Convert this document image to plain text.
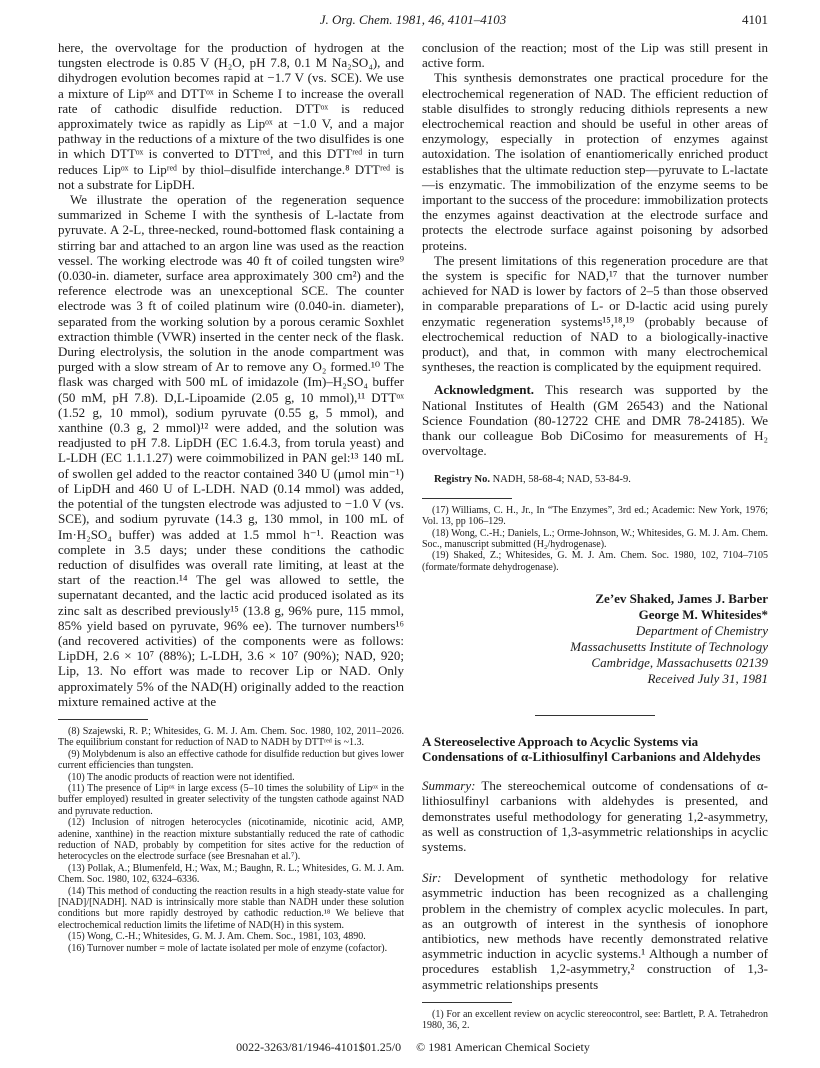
J. Org. Chem. 1981, 46, 4101–4103	4101

here, the overvoltage for the production of hydrogen at the tungsten electrode is 0.85 V (H₂O, pH 7.8, 0.1 M Na₂SO₄), and dihydrogen evolution becomes rapid at −1.7 V (vs. SCE). We use a mixture of Lipᵒˣ and DTTᵒˣ in Scheme I to increase the overall rate of cathodic disulfide reduction. DTTᵒˣ is reduced approximately twice as rapidly as Lipᵒˣ at −1.0 V, and a major pathway in the reductions of a mixture of the two disulfides is one in which DTTᵒˣ is converted to DTTʳᵉᵈ, and this DTTʳᵉᵈ in turn reduces Lipᵒˣ to Lipʳᵉᵈ by thiol–disulfide interchange.⁸ DTTʳᵉᵈ is not a substrate for LipDH.

We illustrate the operation of the regeneration sequence summarized in Scheme I with the synthesis of L-lactate from pyruvate. A 2-L, three-necked, round-bottomed flask containing a stirring bar and attached to an argon line was used as the reaction vessel. The working electrode was 40 ft of coiled tungsten wire⁹ (0.030-in. diameter, surface area approximately 300 cm²) and the reference electrode was an unexceptional SCE. The counter electrode was 3 ft of coiled platinum wire (0.040-in. diameter), separated from the working solution by a porous ceramic Soxhlet extraction thimble (VWR) inserted in the center neck of the flask. During electrolysis, the solution in the anode compartment was purged with a slow stream of Ar to remove any O₂ formed.¹⁰ The flask was charged with 500 mL of imidazole (Im)–H₂SO₄ buffer (50 mM, pH 7.8). D,L-Lipoamide (2.05 g, 10 mmol),¹¹ DTTᵒˣ (1.52 g, 10 mmol), sodium pyruvate (0.55 g, 5 mmol), and xanthine (0.3 g, 2 mmol)¹² were added, and the solution was readjusted to pH 7.8. LipDH (EC 1.6.4.3, from torula yeast) and L-LDH (EC 1.1.1.27) were coimmobilized in PAN gel:¹³ 140 mL of swollen gel added to the reactor contained 340 U (μmol min⁻¹) of LipDH and 460 U of L-LDH. NAD (0.14 mmol) was added, the potential of the tungsten electrode was adjusted to −1.0 V (vs. SCE), and sodium pyruvate (14.3 g, 130 mmol, in 100 mL of Im·H₂SO₄ buffer) was added at 1.5 mmol h⁻¹. Reaction was complete in 3.5 days; under these conditions the cathodic reduction of disulfides was overall rate limiting, at least at the start of the reaction.¹⁴ The gel was allowed to settle, the supernatant decanted, and the lactic acid produced isolated as its zinc salt as described previously¹⁵ (13.8 g, 96% pure, 115 mmol, 85% yield based on pyruvate, 96% ee). The turnover numbers¹⁶ (and recovered activities) of the components were as follows: LipDH, 2.6 × 10⁷ (88%); L-LDH, 3.6 × 10⁷ (90%); NAD, 920; Lip, 13. No effort was made to recover Lip or NAD. Only approximately 5% of the NAD(H) originally added to the reaction mixture remained active at the

(8) Szajewski, R. P.; Whitesides, G. M. J. Am. Chem. Soc. 1980, 102, 2011–2026. The equilibrium constant for reduction of NAD to NADH by DTTʳᵉᵈ is ~1.3.

(9) Molybdenum is also an effective cathode for disulfide reduction but gives lower current efficiencies than tungsten.

(10) The anodic products of reaction were not identified.

(11) The presence of Lipᵒˣ in large excess (5–10 times the solubility of Lipᵒˣ in the buffer employed) resulted in greater selectivity of the tungsten cathode against NAD and pyruvate reduction.

(12) Inclusion of nitrogen heterocycles (nicotinamide, nicotinic acid, AMP, adenine, xanthine) in the reaction mixture substantially reduced the rate of cathodic reduction of NAD, probably by competition for sites active for the reduction of heterocycles on the electrode surface (see Bresnahan et al.⁷).

(13) Pollak, A.; Blumenfeld, H.; Wax, M.; Baughn, R. L.; Whitesides, G. M. J. Am. Chem. Soc. 1980, 102, 6324–6336.

(14) This method of conducting the reaction results in a high steady-state value for [NAD]/[NADH]. NAD is intrinsically more stable than NADH under these solution conditions but more rapidly destroyed by cathodic reduction.¹⁸ We believe that electrochemical reduction limits the lifetime of NAD(H) in this system.

(15) Wong, C.-H.; Whitesides, G. M. J. Am. Chem. Soc., 1981, 103, 4890.

(16) Turnover number = mole of lactate isolated per mole of enzyme (cofactor).

conclusion of the reaction; most of the Lip was still present in active form.

This synthesis demonstrates one practical procedure for the electrochemical regeneration of NAD. The efficient reduction of stable disulfides to strongly reducing dithiols represents a new electrochemical reaction and should be useful in other areas of enzymology, especially in protection of enzymes against autoxidation. The isolation of enantiomerically enriched product establishes that the ultimate reduction step—pyruvate to L-lactate—is enzymatic. The immobilization of the enzyme seems to be important to the success of the procedure: immobilization protects the enzymes against deactivation at the electrode surface and protects the electrode surface against poisoning by adsorbed proteins.

The present limitations of this regeneration procedure are that the system is specific for NAD,¹⁷ that the turnover number achieved for NAD is lower by factors of 2–5 than those observed in comparable preparations of L- or D-lactic acid using purely enzymatic regeneration systems¹⁵,¹⁸,¹⁹ (probably because of electrochemical reduction of NAD to a biologically-inactive product), and that, in common with many electrochemical syntheses, the reaction is complicated by the equipment required.

Acknowledgment. This research was supported by the National Institutes of Health (GM 26543) and the National Science Foundation (80-12722 CHE and DMR 78-24185). We thank our colleague Bob DiCosimo for measurements of H₂ overvoltage.

Registry No. NADH, 58-68-4; NAD, 53-84-9.

(17) Williams, C. H., Jr., In “The Enzymes”, 3rd ed.; Academic: New York, 1976; Vol. 13, pp 106–129.

(18) Wong, C.-H.; Daniels, L.; Orme-Johnson, W.; Whitesides, G. M. J. Am. Chem. Soc., manuscript submitted (H₂/hydrogenase).

(19) Shaked, Z.; Whitesides, G. M. J. Am. Chem. Soc. 1980, 102, 7104–7105 (formate/formate dehydrogenase).

Ze’ev Shaked, James J. Barber
George M. Whitesides*
Department of Chemistry
Massachusetts Institute of Technology
Cambridge, Massachusetts 02139
Received July 31, 1981

A Stereoselective Approach to Acyclic Systems via Condensations of α-Lithiosulfinyl Carbanions and Aldehydes

Summary: The stereochemical outcome of condensations of α-lithiosulfinyl carbanions with aldehydes is presented, and demonstrates useful methodology for generating 1,2-asymmetry, as well as construction of 1,3-asymmetric relationships in acyclic systems.

Sir: Development of synthetic methodology for relative asymmetric induction has been recognized as a challenging problem in the chemistry of complex acyclic molecules. In part, as an outgrowth of interest in the synthesis of ionophore antibiotics, new methods have recently demonstrated relative asymmetric induction in acyclic systems.¹ Although a number of procedures establish 1,2-asymmetry,² construction of 1,3-asymmetric relationships presents

(1) For an excellent review on acyclic stereocontrol, see: Bartlett, P. A. Tetrahedron 1980, 36, 2.

0022-3263/81/1946-4101$01.25/0 © 1981 American Chemical Society
